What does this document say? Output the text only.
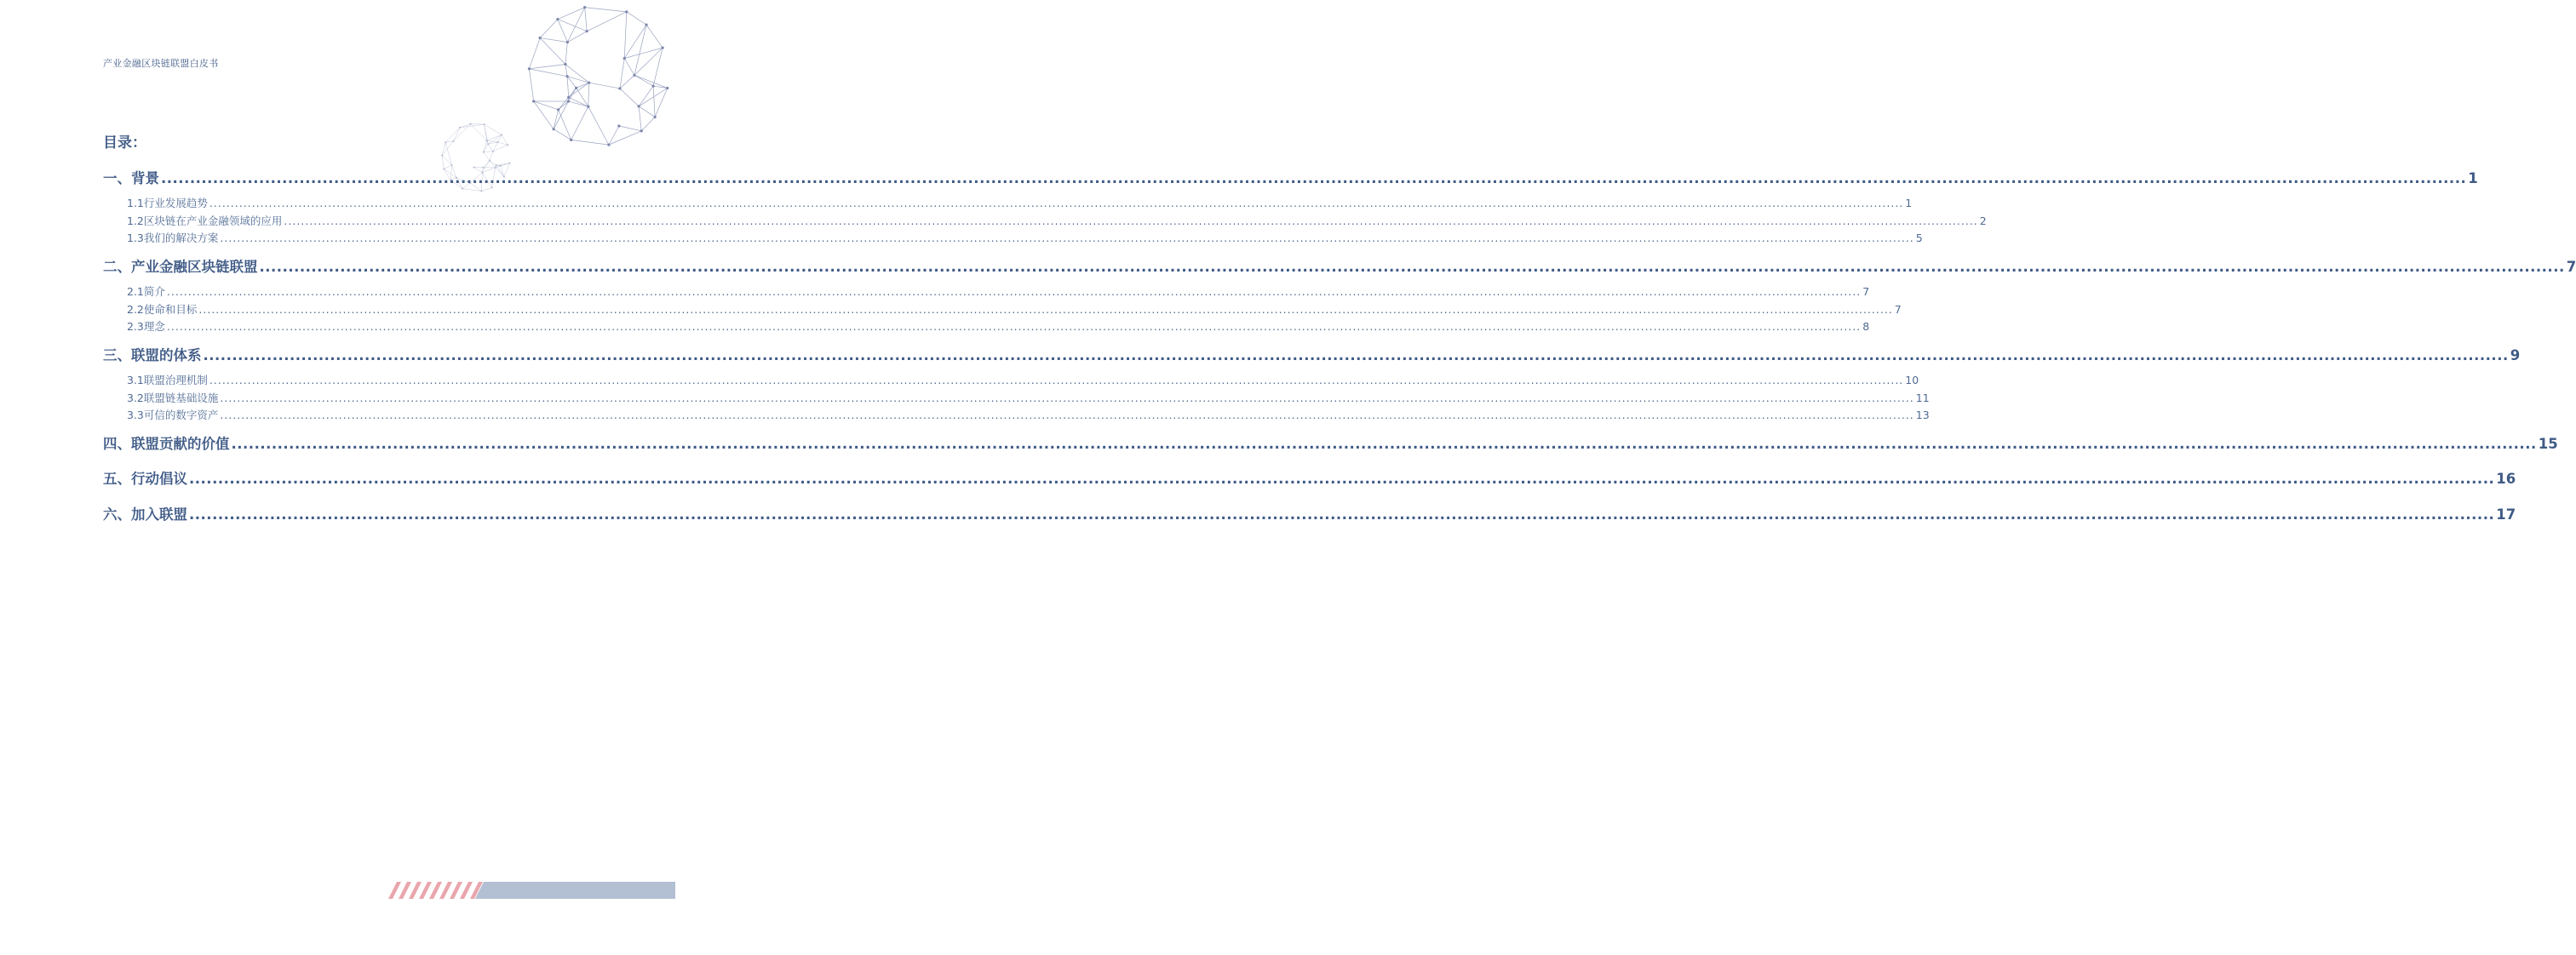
产业金融区块链联盟白皮书
目录：
一、背景 ................................................................................................................................................................................................................................................................................................................................................................................................................ 1
1.1 行业发展趋势 ................................................................................................................................................................................................................................................................................................................................................................................................................ 1
1.2 区块链在产业金融领域的应用 ................................................................................................................................................................................................................................................................................................................................................................................................................ 2
1.3 我们的解决方案 ................................................................................................................................................................................................................................................................................................................................................................................................................ 5
二、产业金融区块链联盟 ................................................................................................................................................................................................................................................................................................................................................................................................................ 7
2.1 简介 ................................................................................................................................................................................................................................................................................................................................................................................................................ 7
2.2 使命和目标 ................................................................................................................................................................................................................................................................................................................................................................................................................ 7
2.3 理念 ................................................................................................................................................................................................................................................................................................................................................................................................................ 8
三、联盟的体系 ................................................................................................................................................................................................................................................................................................................................................................................................................ 9
3.1 联盟治理机制 ................................................................................................................................................................................................................................................................................................................................................................................................................ 10
3.2 联盟链基础设施 ................................................................................................................................................................................................................................................................................................................................................................................................................ 11
3.3 可信的数字资产 ................................................................................................................................................................................................................................................................................................................................................................................................................ 13
四、联盟贡献的价值 ................................................................................................................................................................................................................................................................................................................................................................................................................ 15
五、行动倡议 ................................................................................................................................................................................................................................................................................................................................................................................................................ 16
六、加入联盟 ................................................................................................................................................................................................................................................................................................................................................................................................................ 17
